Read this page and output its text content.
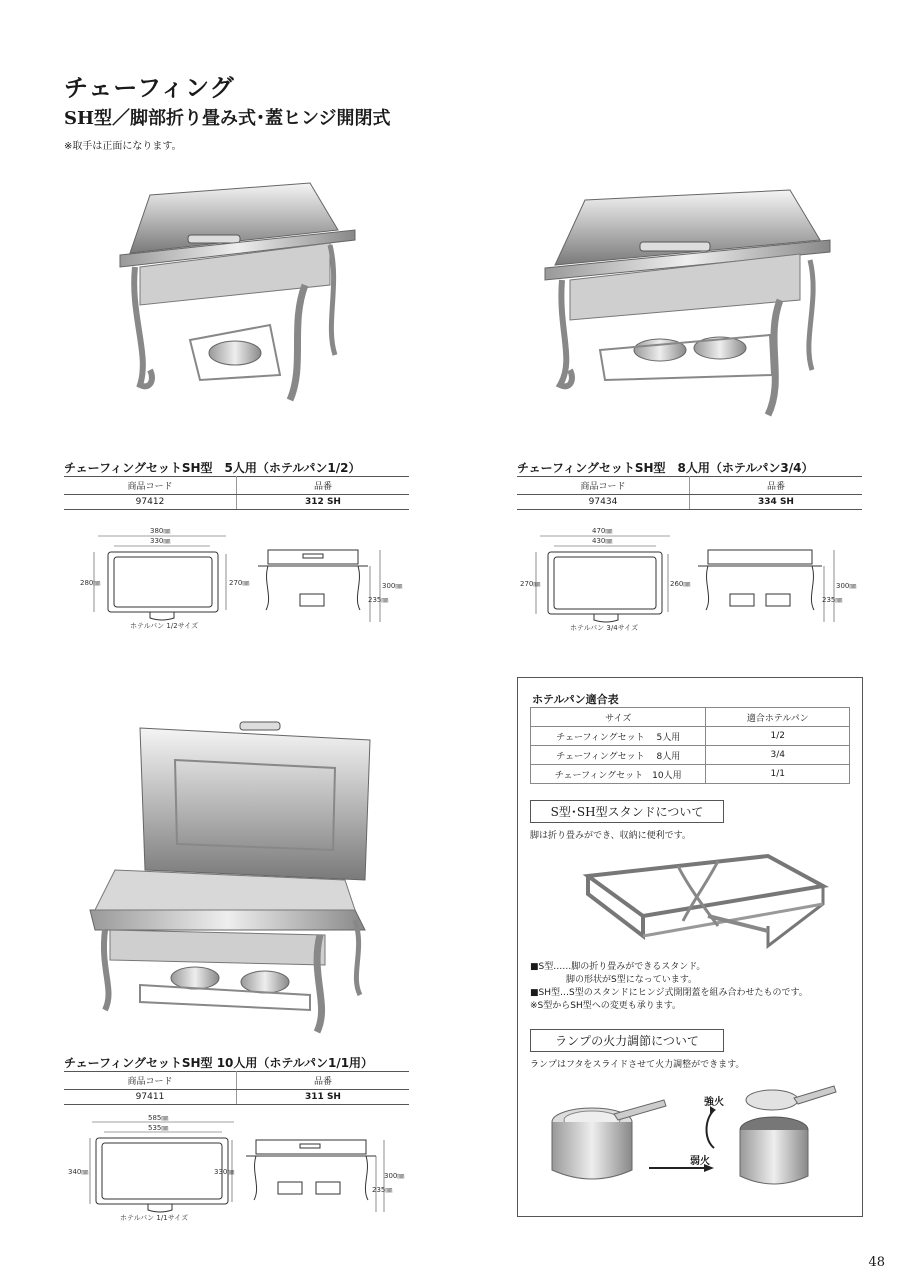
チェーフィング
SH型／脚部折り畳み式･蓋ヒンジ開閉式
※取手は正面になります。
チェーフィングセットSH型　5人用（ホテルパン1/2）
商品コード	品番
97412	312 SH
チェーフィングセットSH型　8人用（ホテルパン3/4）
商品コード	品番
97434	334 SH
380㎜
330㎜
280㎜	270㎜	300㎜
235㎜
ホテルパン 1/2サイズ
470㎜
430㎜
270㎜	260㎜	300㎜
235㎜
ホテルパン 3/4サイズ
チェーフィングセットSH型 10人用（ホテルパン1/1用）
商品コード	品番
97411	311 SH
585㎜
535㎜
340㎜	330㎜	300㎜
235㎜
ホテルパン 1/1サイズ
ホテルパン適合表
サイズ	適合ホテルパン
チェーフィングセット　 5人用	1/2
チェーフィングセット　 8人用	3/4
チェーフィングセット　10人用	1/1
S型･SH型スタンドについて
脚は折り畳みができ、収納に便利です。
■S型……脚の折り畳みができるスタンド。
　　　　脚の形状がS型になっています。
■SH型…S型のスタンドにヒンジ式開閉蓋を組み合わせたものです。
※S型からSH型への変更も承ります。
ランプの火力調節について
ランプはフタをスライドさせて火力調整ができます。
強火
弱火
48
